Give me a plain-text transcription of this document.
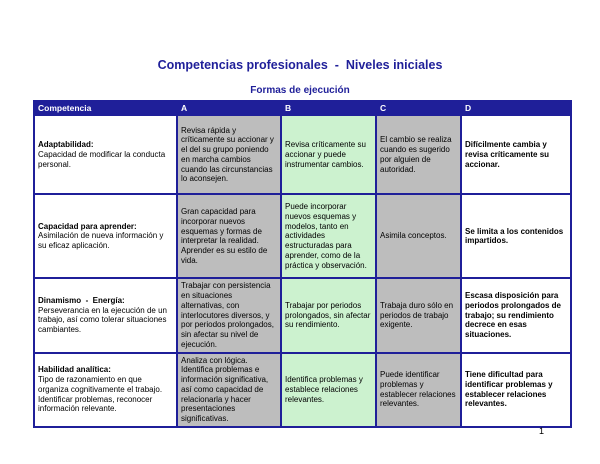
Competencias profesionales  -  Niveles iniciales
Formas de ejecución
Competencia	A	B	C	D

Adaptabilidad:
Capacidad de modificar la conducta personal.	Revisa rápida y críticamente su accionar y el del su grupo poniendo en marcha cambios cuando las circunstancias lo aconsejen.	Revisa críticamente su accionar y puede instrumentar cambios.	El cambio se realiza cuando es sugerido por alguien de autoridad.	Difícilmente cambia y revisa críticamente su accionar.

Capacidad para aprender:
Asimilación de nueva información y su eficaz aplicación.	Gran capacidad para incorporar nuevos esquemas y formas de interpretar la realidad. Aprender es su estilo de vida.	Puede incorporar nuevos esquemas y modelos, tanto en actividades estructuradas para aprender, como de la práctica y observación.	Asimila conceptos.	Se limita a los contenidos impartidos.

Dinamismo  -  Energía:
Perseverancia en la ejecución de un trabajo, así como tolerar situaciones cambiantes.	Trabajar con persistencia en situaciones alternativas, con interlocutores diversos, y por periodos prolongados, sin afectar su nivel de ejecución.	Trabajar por periodos prolongados, sin afectar su rendimiento.	Trabaja duro sólo en periodos de trabajo exigente.	Escasa disposición para periodos prolongados de trabajo; su rendimiento decrece en esas situaciones.

Habilidad analítica:
Tipo de razonamiento en que organiza cognitivamente el trabajo. Identificar problemas, reconocer información relevante.	Analiza con lógica. Identifica problemas e información significativa, así como capacidad de relacionarla y hacer presentaciones significativas.	Identifica problemas y establece relaciones relevantes.	Puede identificar problemas y establecer relaciones relevantes.	Tiene dificultad para identificar problemas y establecer relaciones relevantes.
1
